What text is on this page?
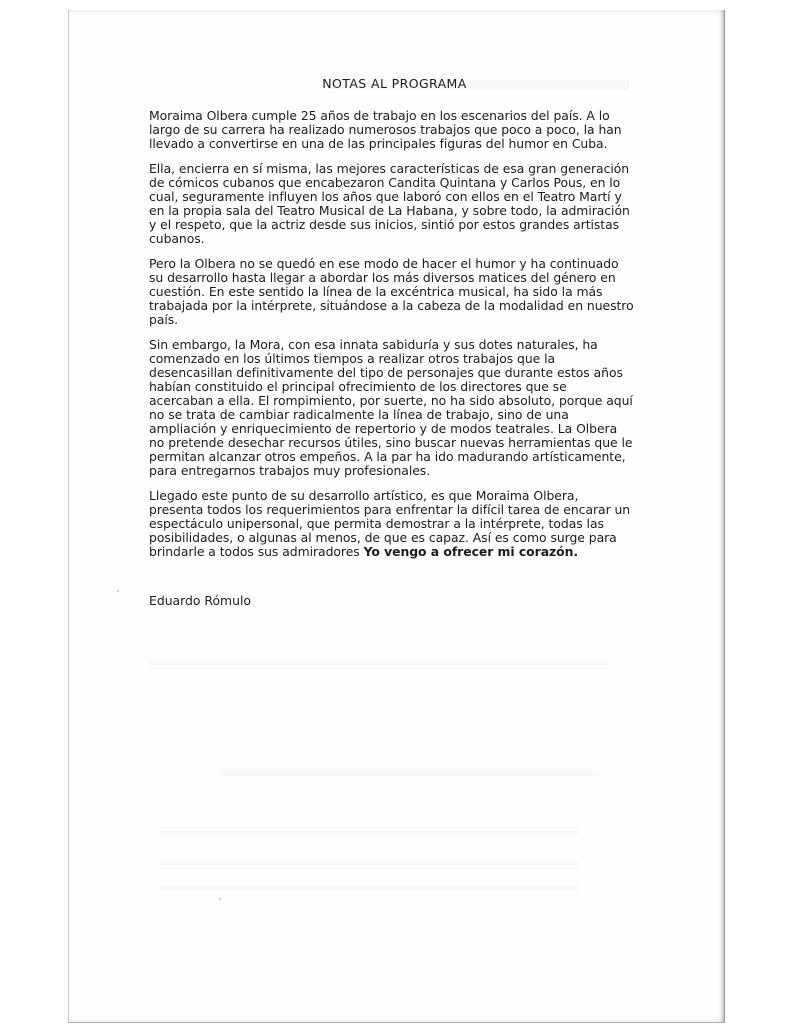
NOTAS AL PROGRAMA

Moraima Olbera cumple 25 años de trabajo en los escenarios del país. A lo largo de su carrera ha realizado numerosos trabajos que poco a poco, la han llevado a convertirse en una de las principales figuras del humor en Cuba.

Ella, encierra en sí misma, las mejores características de esa gran generación de cómicos cubanos que encabezaron Candita Quintana y Carlos Pous, en lo cual, seguramente influyen los años que laboró con ellos en el Teatro Martí y en la propia sala del Teatro Musical de La Habana, y sobre todo, la admiración y el respeto, que la actriz desde sus inicios, sintió por estos grandes artistas cubanos.

Pero la Olbera no se quedó en ese modo de hacer el humor y ha continuado su desarrollo hasta llegar a abordar los más diversos matices del género en cuestión. En este sentido la línea de la excéntrica musical, ha sido la más trabajada por la intérprete, situándose a la cabeza de la modalidad en nuestro país.

Sin embargo, la Mora, con esa innata sabiduría y sus dotes naturales, ha comenzado en los últimos tiempos a realizar otros trabajos que la desencasillan definitivamente del tipo de personajes que durante estos años habían constituido el principal ofrecimiento de los directores que se acercaban a ella. El rompimiento, por suerte, no ha sido absoluto, porque aquí no se trata de cambiar radicalmente la línea de trabajo, sino de una ampliación y enriquecimiento de repertorio y de modos teatrales. La Olbera no pretende desechar recursos útiles, sino buscar nuevas herramientas que le permitan alcanzar otros empeños. A la par ha ido madurando artísticamente, para entregarnos trabajos muy profesionales.

Llegado este punto de su desarrollo artístico, es que Moraima Olbera, presenta todos los requerimientos para enfrentar la difícil tarea de encarar un espectáculo unipersonal, que permita demostrar a la intérprete, todas las posibilidades, o algunas al menos, de que es capaz. Así es como surge para brindarle a todos sus admiradores Yo vengo a ofrecer mi corazón.

Eduardo Rómulo
